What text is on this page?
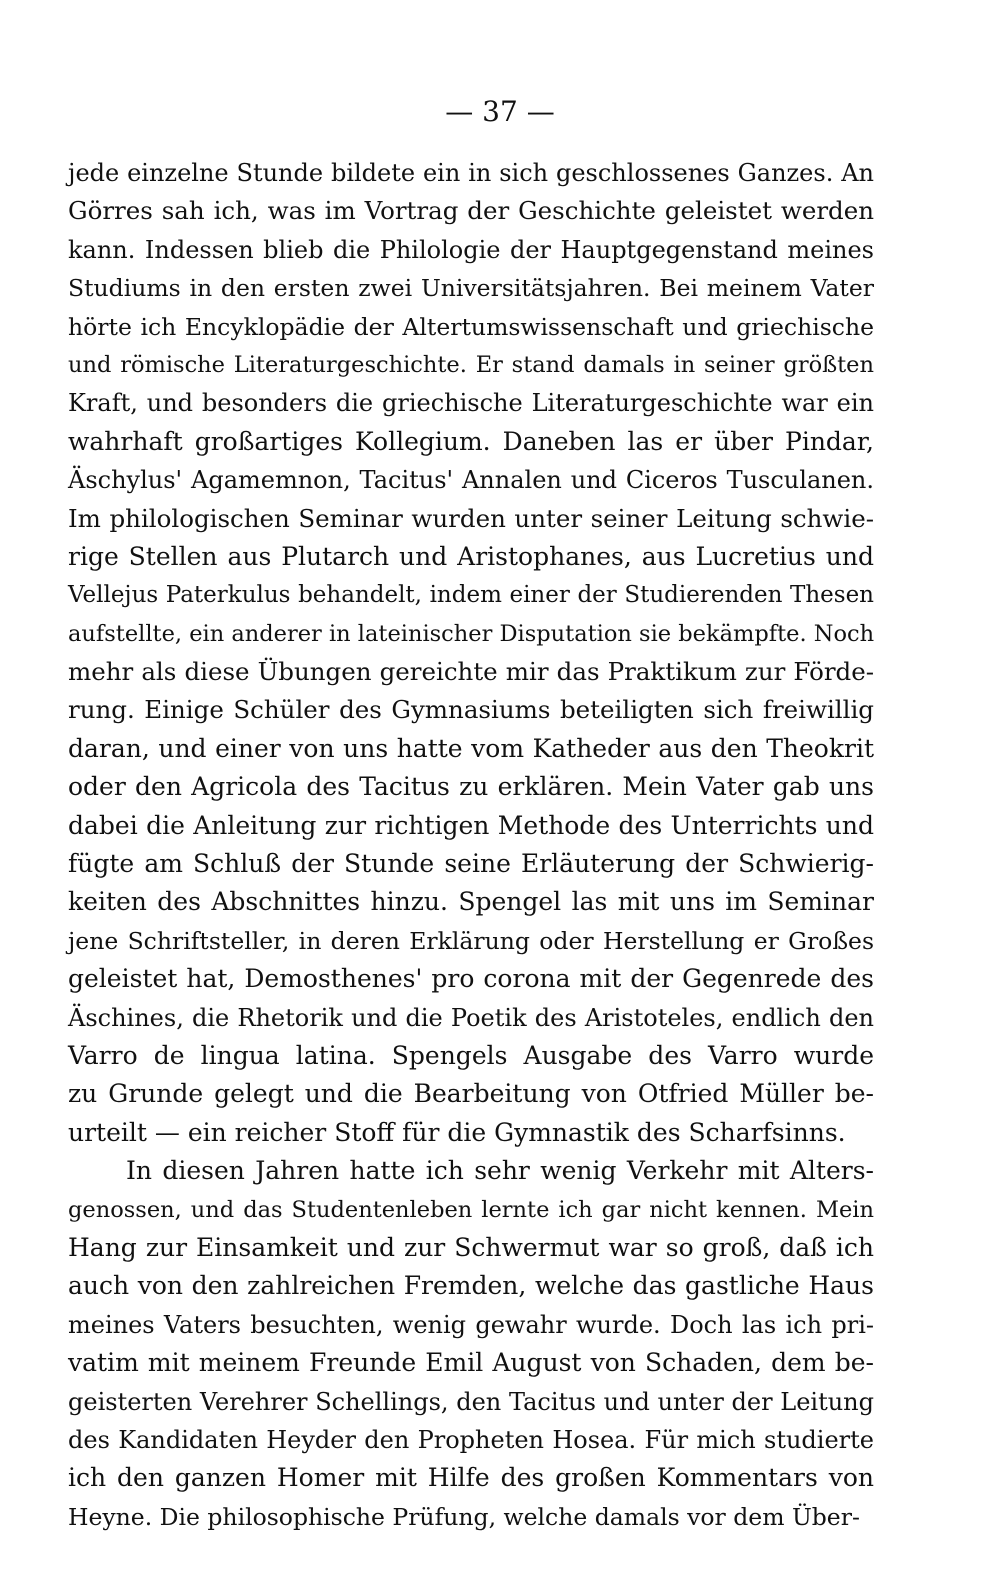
— 37 —
jede einzelne Stunde bildete ein in sich geschlossenes Ganzes. An
Görres sah ich, was im Vortrag der Geschichte geleistet werden
kann. Indessen blieb die Philologie der Hauptgegenstand meines
Studiums in den ersten zwei Universitätsjahren. Bei meinem Vater
hörte ich Encyklopädie der Altertumswissenschaft und griechische
und römische Literaturgeschichte. Er stand damals in seiner größten
Kraft, und besonders die griechische Literaturgeschichte war ein
wahrhaft großartiges Kollegium. Daneben las er über Pindar,
Äschylus' Agamemnon, Tacitus' Annalen und Ciceros Tusculanen.
Im philologischen Seminar wurden unter seiner Leitung schwie-
rige Stellen aus Plutarch und Aristophanes, aus Lucretius und
Vellejus Paterkulus behandelt, indem einer der Studierenden Thesen
aufstellte, ein anderer in lateinischer Disputation sie bekämpfte. Noch
mehr als diese Übungen gereichte mir das Praktikum zur Förde-
rung. Einige Schüler des Gymnasiums beteiligten sich freiwillig
daran, und einer von uns hatte vom Katheder aus den Theokrit
oder den Agricola des Tacitus zu erklären. Mein Vater gab uns
dabei die Anleitung zur richtigen Methode des Unterrichts und
fügte am Schluß der Stunde seine Erläuterung der Schwierig-
keiten des Abschnittes hinzu. Spengel las mit uns im Seminar
jene Schriftsteller, in deren Erklärung oder Herstellung er Großes
geleistet hat, Demosthenes' pro corona mit der Gegenrede des
Äschines, die Rhetorik und die Poetik des Aristoteles, endlich den
Varro de lingua latina. Spengels Ausgabe des Varro wurde
zu Grunde gelegt und die Bearbeitung von Otfried Müller be-
urteilt — ein reicher Stoff für die Gymnastik des Scharfsinns.
In diesen Jahren hatte ich sehr wenig Verkehr mit Alters-
genossen, und das Studentenleben lernte ich gar nicht kennen. Mein
Hang zur Einsamkeit und zur Schwermut war so groß, daß ich
auch von den zahlreichen Fremden, welche das gastliche Haus
meines Vaters besuchten, wenig gewahr wurde. Doch las ich pri-
vatim mit meinem Freunde Emil August von Schaden, dem be-
geisterten Verehrer Schellings, den Tacitus und unter der Leitung
des Kandidaten Heyder den Propheten Hosea. Für mich studierte
ich den ganzen Homer mit Hilfe des großen Kommentars von
Heyne. Die philosophische Prüfung, welche damals vor dem Über-
